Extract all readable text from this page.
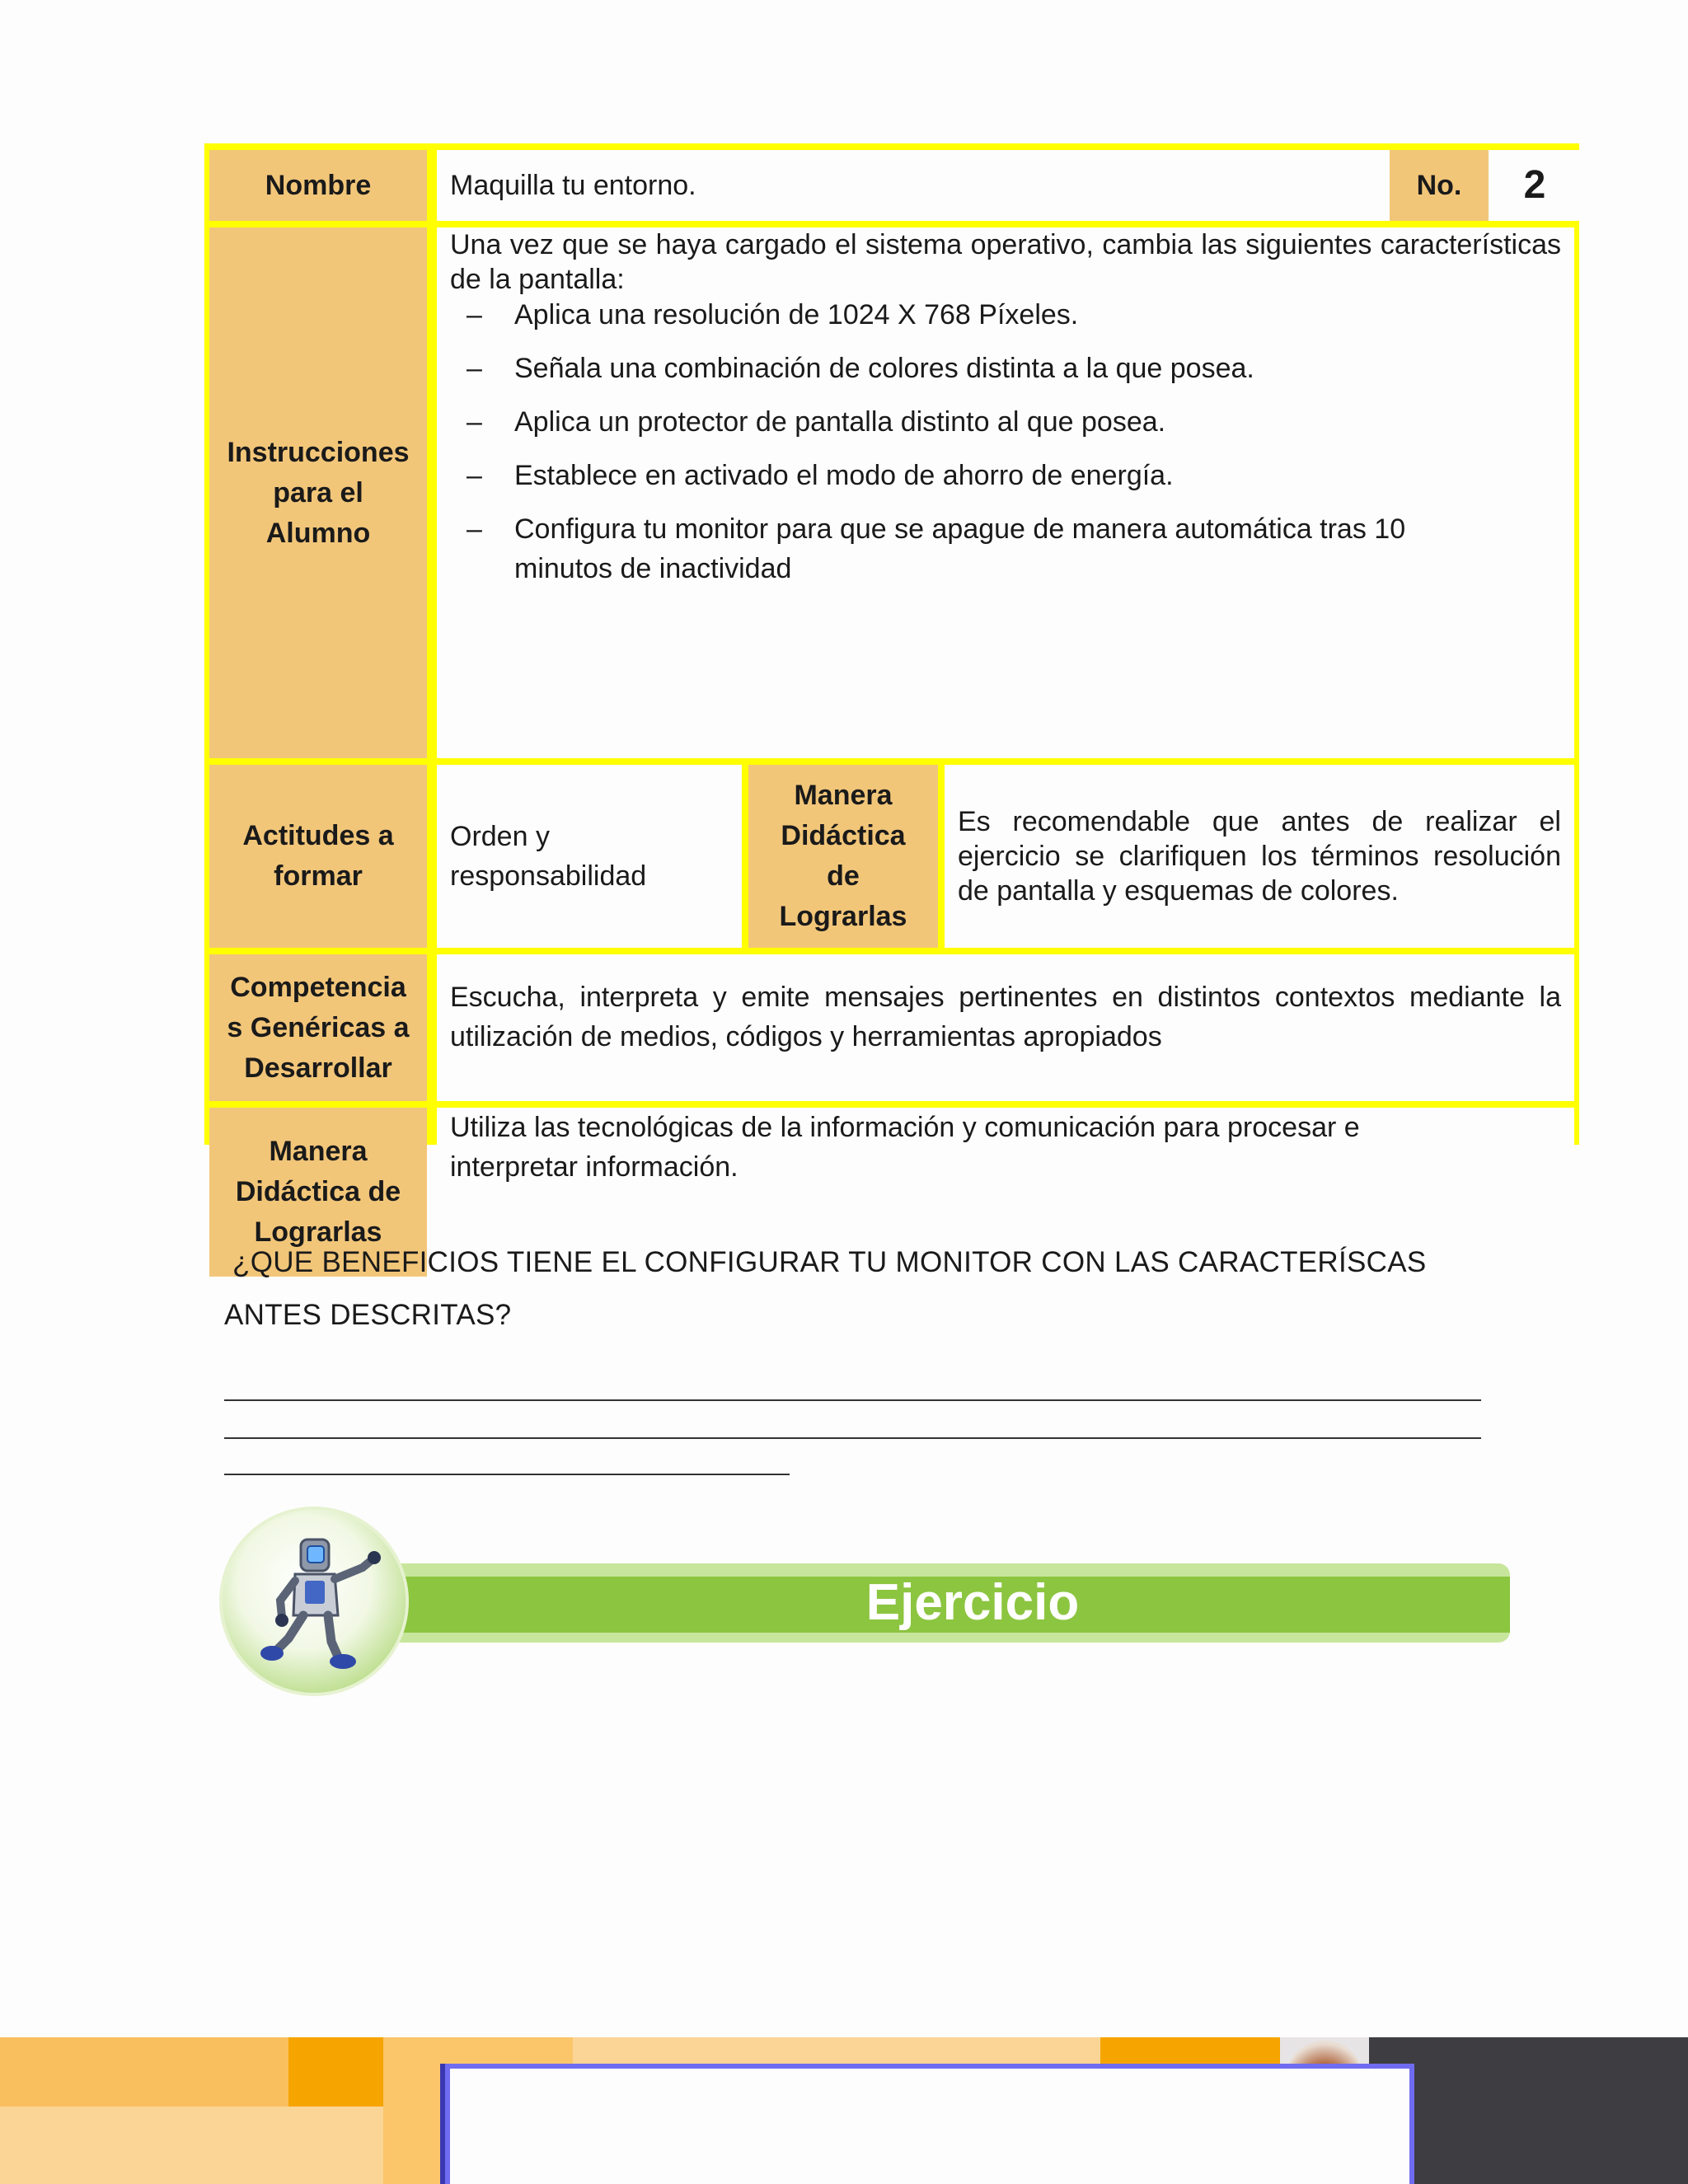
Nombre	Maquilla tu entorno.	No. 2
Instrucciones
para el
Alumno
Una vez que se haya cargado el sistema operativo, cambia las siguientes características de la pantalla:
– Aplica una resolución de 1024 X 768 Píxeles.
– Señala una combinación de colores distinta a la que posea.
– Aplica un protector de pantalla distinto al que posea.
– Establece en activado el modo de ahorro de energía.
– Configura tu monitor para que se apague de manera automática tras 10 minutos de inactividad
Actitudes a
formar
Orden y
responsabilidad
Manera
Didáctica
de
Lograrlas
Es recomendable que antes de realizar el ejercicio se clarifiquen los términos resolución de pantalla y esquemas de colores.
Competencia
s Genéricas a
Desarrollar
Escucha, interpreta y emite mensajes pertinentes en distintos contextos mediante la utilización de medios, códigos y herramientas apropiados
Manera
Didáctica de
Lograrlas
Utiliza las tecnológicas de la información y comunicación para procesar e
interpretar información.
¿QUE BENEFICIOS TIENE EL CONFIGURAR TU MONITOR CON LAS CARACTERÍSCAS
ANTES DESCRITAS?
Ejercicio
